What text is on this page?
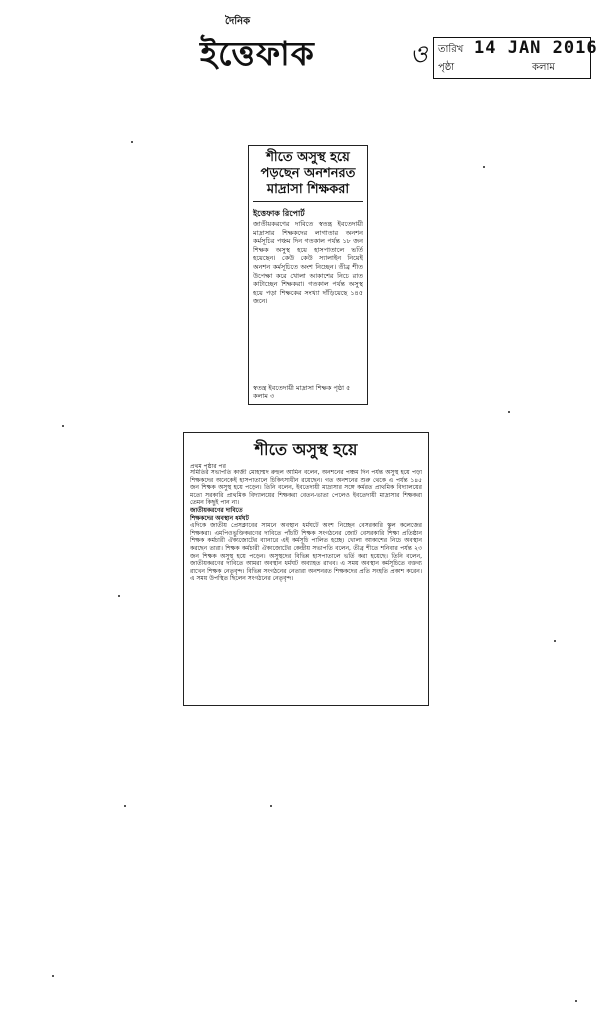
দৈনিক
ইত্তেফাক	ও তারিখ 14 JAN 2016
পৃষ্ঠা	কলাম
শীতে অসুস্থ হয়ে পড়ছেন অনশনরত মাদ্রাসা শিক্ষকরা
ইত্তেফাক রিপোর্ট
জাতীয়করণের দাবিতে স্বতন্ত্র ইবতেদায়ী মাদ্রাসার শিক্ষকদের লাগাতার অনশন কর্মসূচির পঞ্চম দিন গতকাল পর্যন্ত ১৮ জন শিক্ষক অসুস্থ হয়ে হাসপাতালে ভর্তি হয়েছেন। কেউ কেউ স্যালাইন নিয়েই অনশন কর্মসূচিতে অংশ নিচ্ছেন। তীব্র শীত উপেক্ষা করে খোলা আকাশের নিচে রাত কাটাচ্ছেন শিক্ষকরা। গতকাল পর্যন্ত অসুস্থ হয়ে পড়া শিক্ষকের সংখ্যা দাঁড়িয়েছে ১৪৫ জনে।
স্বতন্ত্র ইবতেদায়ী মাদ্রাসা শিক্ষক পৃষ্ঠা ৫ কলাম ৩
শীতে অসুস্থ হয়ে
প্রথম পৃষ্ঠার পর
সমিতির সভাপতি কাজী মোহাম্মদ রুহুল আমিন বলেন, অনশনের পঞ্চম দিন পর্যন্ত অসুস্থ হয়ে পড়া শিক্ষকদের অনেকেই হাসপাতালে চিকিৎসাধীন রয়েছেন। গত অনশনের শুরু থেকে এ পর্যন্ত ১৪৫ জন শিক্ষক অসুস্থ হয়ে পড়েন। তিনি বলেন, ইবতেদায়ী মাদ্রাসার সঙ্গে কর্মরত প্রাথমিক বিদ্যালয়ের মতো সরকারি প্রাথমিক বিদ্যালয়ের শিক্ষকরা বেতন-ভাতা পেলেও ইবতেদায়ী মাদ্রাসার শিক্ষকরা তেমন কিছুই পান না।
জাতীয়করণের দাবিতে
শিক্ষকদের অবস্থান ধর্মঘট
এদিকে জাতীয় প্রেসক্লাবের সামনে অবস্থান ধর্মঘটে অংশ নিচ্ছেন বেসরকারি স্কুল কলেজের শিক্ষকরা। এমপিওভুক্তিকরণের দাবিতে পাঁচটি শিক্ষক সংগঠনের জোট বেসরকারি শিক্ষা প্রতিষ্ঠান শিক্ষক কর্মচারী ঐক্যজোটের ব্যানারে এই কর্মসূচি পালিত হচ্ছে। খোলা আকাশের নিচে অবস্থান করছেন তারা। শিক্ষক কর্মচারী ঐক্যজোটের কেন্দ্রীয় সভাপতি বলেন, তীব্র শীতে শনিবার পর্যন্ত ২৩ জন শিক্ষক অসুস্থ হয়ে পড়েন। অসুস্থদের বিভিন্ন হাসপাতালে ভর্তি করা হয়েছে। তিনি বলেন, জাতীয়করণের দাবিতে আমরা অবস্থান ধর্মঘট অব্যাহত রাখব। এ সময় অবস্থান কর্মসূচিতে বক্তব্য রাখেন শিক্ষক নেতৃবৃন্দ। বিভিন্ন সংগঠনের নেতারা অনশনরত শিক্ষকদের প্রতি সংহতি প্রকাশ করেন। এ সময় উপস্থিত ছিলেন সংগঠনের নেতৃবৃন্দ।
